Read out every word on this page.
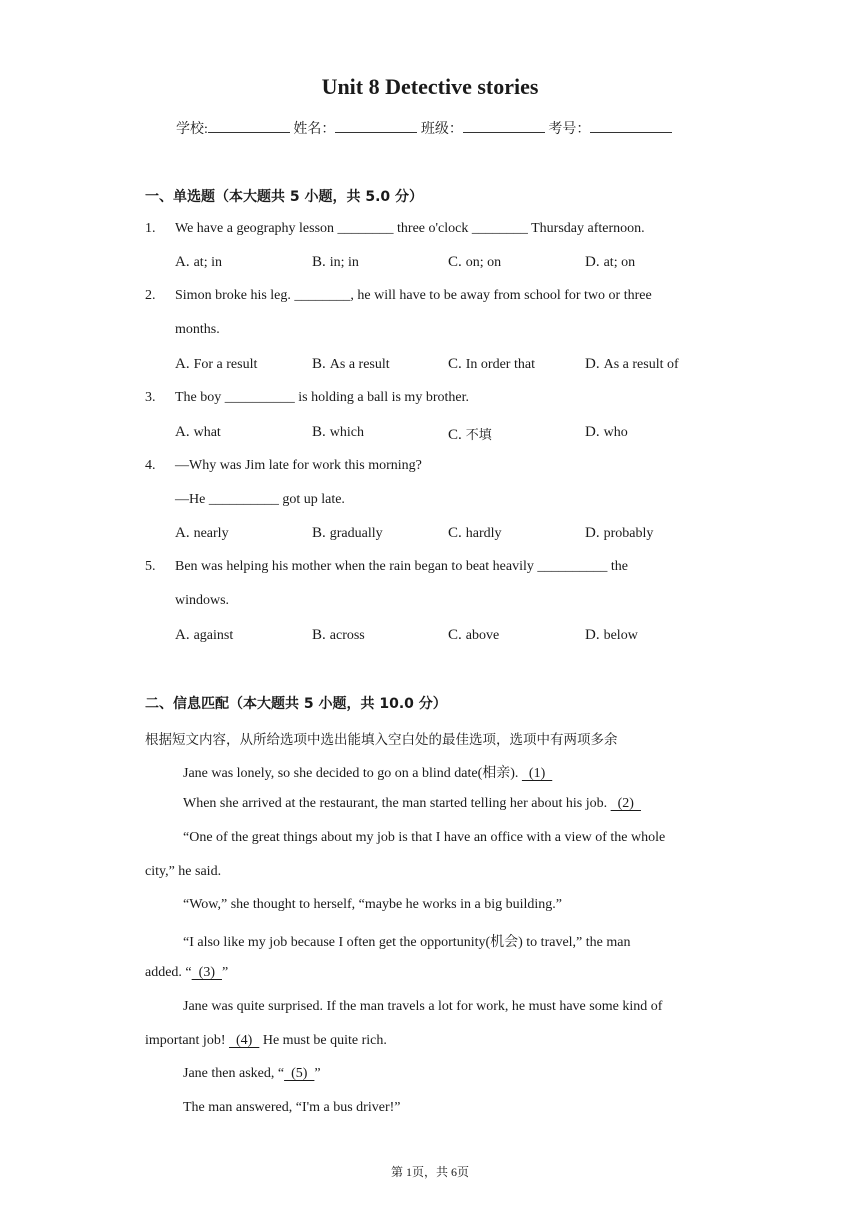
Unit 8 Detective stories
学校:	姓名：	班级：	考号：
一、单选题（本大题共 5 小题，共 5.0 分）
1. We have a geography lesson ________ three o'clock ________ Thursday afternoon.
A. at; in	B. in; in	C. on; on	D. at; on
2. Simon broke his leg. ________, he will have to be away from school for two or three
months.
A. For a result	B. As a result	C. In order that	D. As a result of
3. The boy __________ is holding a ball is my brother.
A. what	B. which	C. 不填	D. who
4. —Why was Jim late for work this morning?
—He __________ got up late.
A. nearly	B. gradually	C. hardly	D. probably
5. Ben was helping his mother when the rain began to beat heavily __________ the
windows.
A. against	B. across	C. above	D. below
二、信息匹配（本大题共 5 小题，共 10.0 分）
根据短文内容，从所给选项中选出能填入空白处的最佳选项，选项中有两项多余
Jane was lonely, so she decided to go on a blind date(相亲).   (1)
When she arrived at the restaurant, the man started telling her about his job.   (2)
“One of the great things about my job is that I have an office with a view of the whole
city,” he said.
“Wow,” she thought to herself, “maybe he works in a big building.”
“I also like my job because I often get the opportunity(机会) to travel,” the man
added. “  (3)  ”
Jane was quite surprised. If the man travels a lot for work, he must have some kind of
important job!   (4)   He must be quite rich.
Jane then asked, “  (5)  ”
The man answered, “I'm a bus driver!”
第 1页，共 6页
